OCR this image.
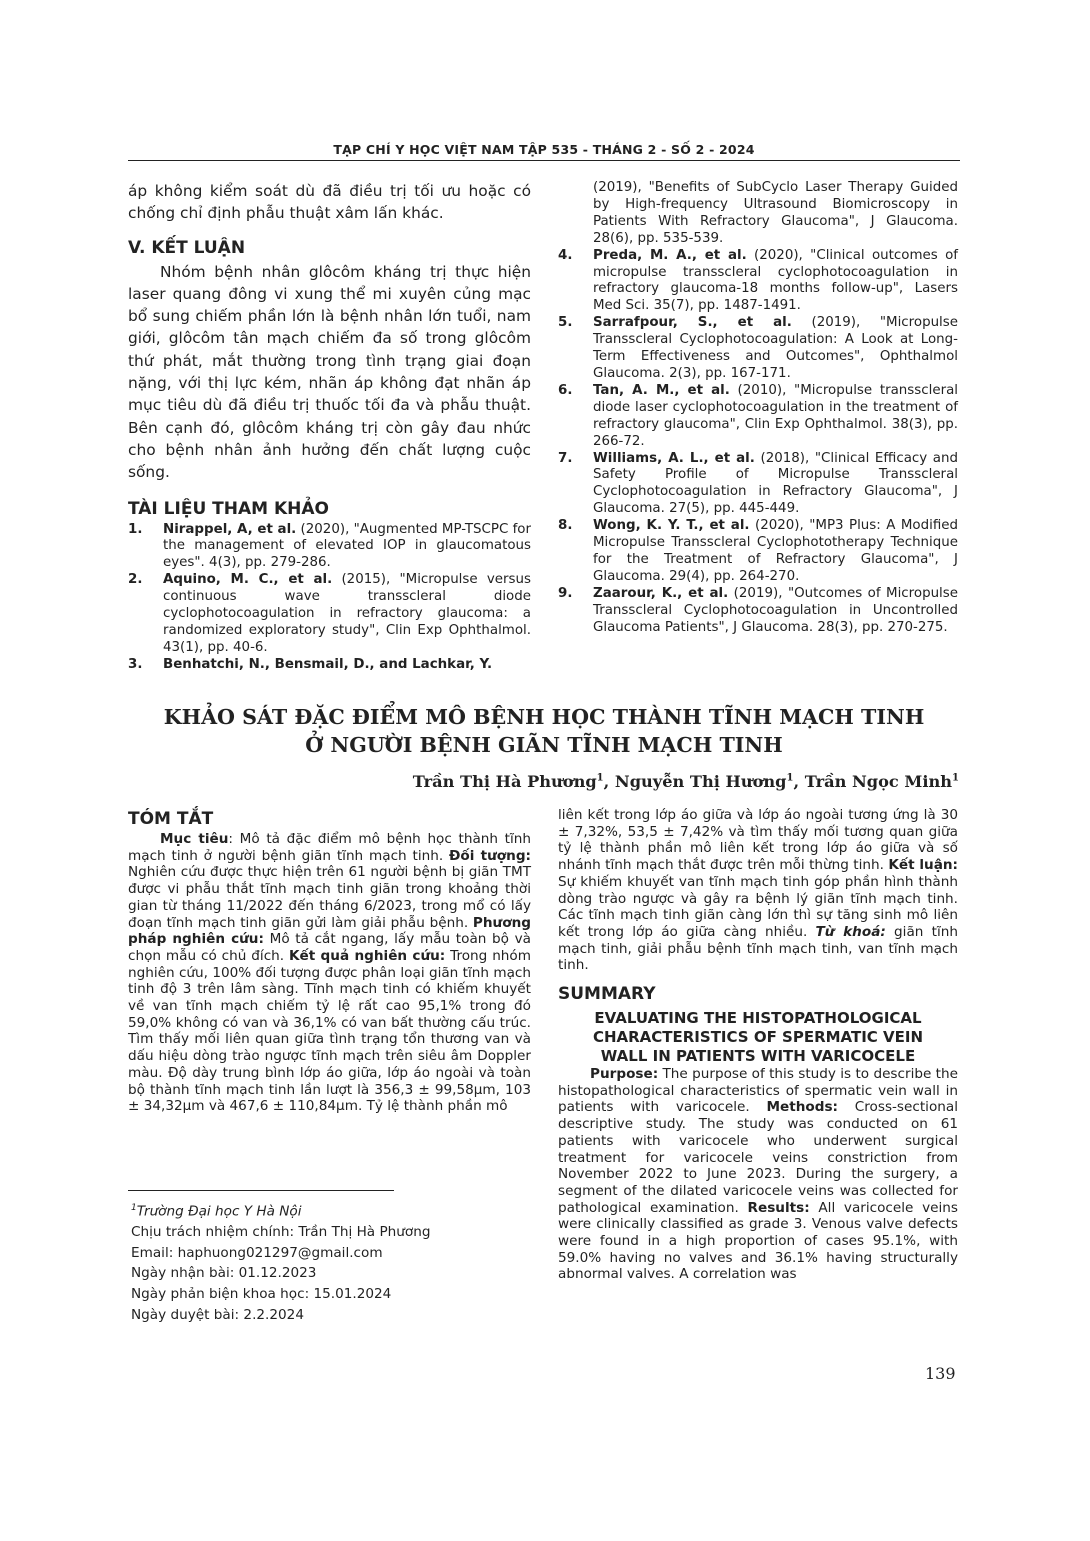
TẠP CHÍ Y HỌC VIỆT NAM TẬP 535 - THÁNG 2 - SỐ 2 - 2024

áp không kiểm soát dù đã điều trị tối ưu hoặc có chống chỉ định phẫu thuật xâm lấn khác.

V. KẾT LUẬN

Nhóm bệnh nhân glôcôm kháng trị thực hiện laser quang đông vi xung thể mi xuyên củng mạc bổ sung chiếm phần lớn là bệnh nhân lớn tuổi, nam giới, glôcôm tân mạch chiếm đa số trong glôcôm thứ phát, mắt thường trong tình trạng giai đoạn nặng, với thị lực kém, nhãn áp không đạt nhãn áp mục tiêu dù đã điều trị thuốc tối đa và phẫu thuật. Bên cạnh đó, glôcôm kháng trị còn gây đau nhức cho bệnh nhân ảnh hưởng đến chất lượng cuộc sống.

TÀI LIỆU THAM KHẢO
1. Nirappel, A, et al. (2020), "Augmented MP-TSCPC for the management of elevated IOP in glaucomatous eyes". 4(3), pp. 279-286.
2. Aquino, M. C., et al. (2015), "Micropulse versus continuous wave transscleral diode cyclophotocoagulation in refractory glaucoma: a randomized exploratory study", Clin Exp Ophthalmol. 43(1), pp. 40-6.
3. Benhatchi, N., Bensmail, D., and Lachkar, Y.
(2019), "Benefits of SubCyclo Laser Therapy Guided by High-frequency Ultrasound Biomicroscopy in Patients With Refractory Glaucoma", J Glaucoma. 28(6), pp. 535-539.
4. Preda, M. A., et al. (2020), "Clinical outcomes of micropulse transscleral cyclophotocoagulation in refractory glaucoma-18 months follow-up", Lasers Med Sci. 35(7), pp. 1487-1491.
5. Sarrafpour, S., et al. (2019), "Micropulse Transscleral Cyclophotocoagulation: A Look at Long-Term Effectiveness and Outcomes", Ophthalmol Glaucoma. 2(3), pp. 167-171.
6. Tan, A. M., et al. (2010), "Micropulse transscleral diode laser cyclophotocoagulation in the treatment of refractory glaucoma", Clin Exp Ophthalmol. 38(3), pp. 266-72.
7. Williams, A. L., et al. (2018), "Clinical Efficacy and Safety Profile of Micropulse Transscleral Cyclophotocoagulation in Refractory Glaucoma", J Glaucoma. 27(5), pp. 445-449.
8. Wong, K. Y. T., et al. (2020), "MP3 Plus: A Modified Micropulse Transscleral Cyclophototherapy Technique for the Treatment of Refractory Glaucoma", J Glaucoma. 29(4), pp. 264-270.
9. Zaarour, K., et al. (2019), "Outcomes of Micropulse Transscleral Cyclophotocoagulation in Uncontrolled Glaucoma Patients", J Glaucoma. 28(3), pp. 270-275.
KHẢO SÁT ĐẶC ĐIỂM MÔ BỆNH HỌC THÀNH TĨNH MẠCH TINH
Ở NGƯỜI BỆNH GIÃN TĨNH MẠCH TINH
Trần Thị Hà Phương$^1$, Nguyễn Thị Hương$^1$, Trần Ngọc Minh$^1$
TÓM TẮT

Mục tiêu: Mô tả đặc điểm mô bệnh học thành tĩnh mạch tinh ở người bệnh giãn tĩnh mạch tinh. Đối tượng: Nghiên cứu được thực hiện trên 61 người bệnh bị giãn TMT được vi phẫu thắt tĩnh mạch tinh giãn trong khoảng thời gian từ tháng 11/2022 đến tháng 6/2023, trong mổ có lấy đoạn tĩnh mạch tinh giãn gửi làm giải phẫu bệnh. Phương pháp nghiên cứu: Mô tả cắt ngang, lấy mẫu toàn bộ và chọn mẫu có chủ đích. Kết quả nghiên cứu: Trong nhóm nghiên cứu, 100% đối tượng được phân loại giãn tĩnh mạch tinh độ 3 trên lâm sàng. Tĩnh mạch tinh có khiếm khuyết về van tĩnh mạch chiếm tỷ lệ rất cao 95,1% trong đó 59,0% không có van và 36,1% có van bất thường cấu trúc. Tìm thấy mối liên quan giữa tình trạng tổn thương van và dấu hiệu dòng trào ngược tĩnh mạch trên siêu âm Doppler màu. Độ dày trung bình lớp áo giữa, lớp áo ngoài và toàn bộ thành tĩnh mạch tinh lần lượt là 356,3 ± 99,58µm, 103 ± 34,32µm và 467,6 ± 110,84µm. Tỷ lệ thành phần mô

$^1$Trường Đại học Y Hà Nội
Chịu trách nhiệm chính: Trần Thị Hà Phương
Email: haphuong021297@gmail.com
Ngày nhận bài: 01.12.2023
Ngày phản biện khoa học: 15.01.2024
Ngày duyệt bài: 2.2.2024

liên kết trong lớp áo giữa và lớp áo ngoài tương ứng là 30 ± 7,32%, 53,5 ± 7,42% và tìm thấy mối tương quan giữa tỷ lệ thành phần mô liên kết trong lớp áo giữa và số nhánh tĩnh mạch thắt được trên mỗi thừng tinh. Kết luận: Sự khiếm khuyết van tĩnh mạch tinh góp phần hình thành dòng trào ngược và gây ra bệnh lý giãn tĩnh mạch tinh. Các tĩnh mạch tinh giãn càng lớn thì sự tăng sinh mô liên kết trong lớp áo giữa càng nhiều. Từ khoá: giãn tĩnh mạch tinh, giải phẫu bệnh tĩnh mạch tinh, van tĩnh mạch tinh.

SUMMARY
EVALUATING THE HISTOPATHOLOGICAL
CHARACTERISTICS OF SPERMATIC VEIN
WALL IN PATIENTS WITH VARICOCELE

Purpose: The purpose of this study is to describe the histopathological characteristics of spermatic vein wall in patients with varicocele. Methods: Cross-sectional descriptive study. The study was conducted on 61 patients with varicocele who underwent surgical treatment for varicocele veins constriction from November 2022 to June 2023. During the surgery, a segment of the dilated varicocele veins was collected for pathological examination. Results: All varicocele veins were clinically classified as grade 3. Venous valve defects were found in a high proportion of cases 95.1%, with 59.0% having no valves and 36.1% having structurally abnormal valves. A correlation was

139
